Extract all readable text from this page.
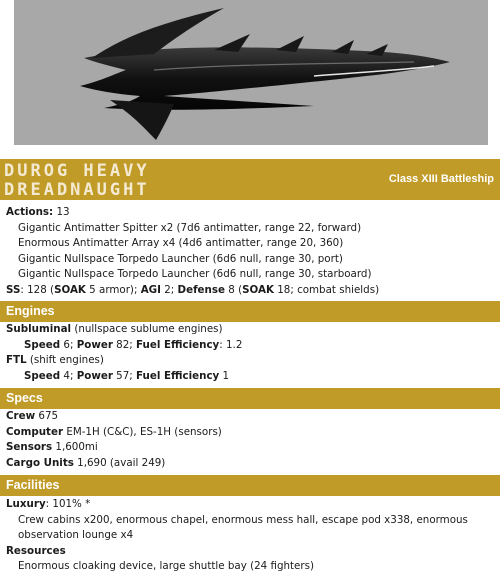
DUROG HEAVY
DREADNAUGHT
Class XIII Battleship
Actions: 13
Gigantic Antimatter Spitter x2 (7d6 antimatter, range 22, forward)
Enormous Antimatter Array x4 (4d6 antimatter, range 20, 360)
Gigantic Nullspace Torpedo Launcher (6d6 null, range 30, port)
Gigantic Nullspace Torpedo Launcher (6d6 null, range 30, starboard)
SS: 128 (SOAK 5 armor); AGI 2; Defense 8 (SOAK 18; combat shields)
Engines
Subluminal (nullspace sublume engines)
Speed 6; Power 82; Fuel Efficiency: 1.2
FTL (shift engines)
Speed 4; Power 57; Fuel Efficiency 1
Specs
Crew 675
Computer EM-1H (C&C), ES-1H (sensors)
Sensors 1,600mi
Cargo Units 1,690 (avail 249)
Facilities
Luxury: 101% *
Crew cabins x200, enormous chapel, enormous mess hall, escape pod x338, enormous observation lounge x4
Resources
Enormous cloaking device, large shuttle bay (24 fighters)
